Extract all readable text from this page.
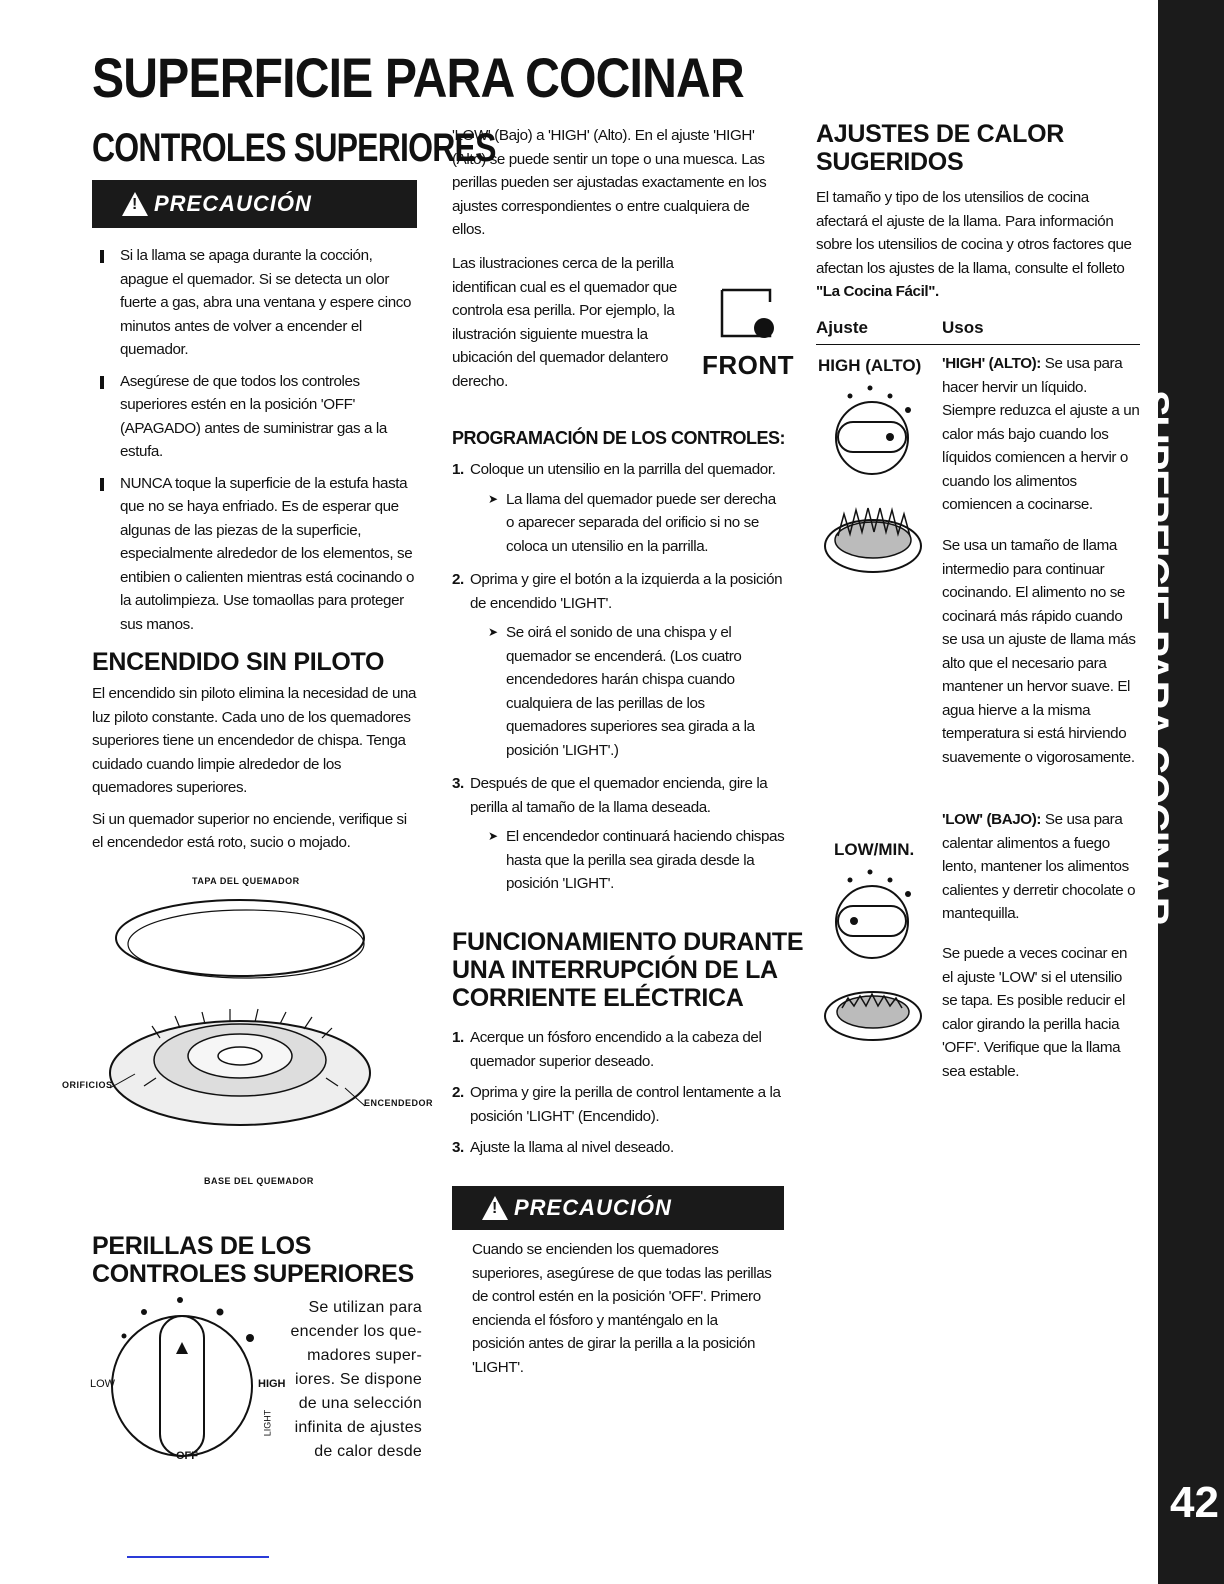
SUPERFICIE PARA COCINAR
CONTROLES SUPERIORES
SUPERFICIE PARA COCINAR
42
!
PRECAUCIÓN
Si la llama se apaga durante la cocción, apague el quemador. Si se detecta un olor fuerte a gas, abra una ventana y espere cinco minutos antes de volver a encender el quemador.
Asegúrese de que todos los controles superiores estén en la posición 'OFF' (APAGADO) antes de suministrar gas a la estufa.
NUNCA toque la superficie de la estufa hasta que no se haya enfriado. Es de esperar que algunas de las piezas de la superficie, especialmente alrededor de los elementos, se entibien o calienten mientras está cocinando o la autolimpieza. Use tomaollas para proteger sus manos.
ENCENDIDO SIN PILOTO

El encendido sin piloto elimina la necesidad de una luz piloto constante. Cada uno de los quemadores superiores tiene un encendedor de chispa. Tenga cuidado cuando limpie alrededor de los quemadores superiores.

Si un quemador superior no enciende, verifique si el encendedor está roto, sucio o mojado.

TAPA DEL QUEMADOR
ORIFICIOS
ENCENDEDOR
BASE DEL QUEMADOR
PERILLAS DE LOS
CONTROLES SUPERIORES
LOW	HIGH
OFF
LIGHT
Se utilizan para
encender los que-
madores super-
iores. Se dispone
de una selección
infinita de ajustes
de calor desde
'LOW' (Bajo) a 'HIGH' (Alto). En el ajuste 'HIGH' (Alto) se puede sentir un tope o una muesca. Las perillas pueden ser ajustadas exactamente en los ajustes correspondientes o entre cualquiera de ellos.
Las ilustraciones cerca de la perilla identifican cual es el quemador que controla esa perilla. Por ejemplo, la ilustración siguiente muestra la ubicación del quemador delantero derecho.
FRONT
PROGRAMACIÓN DE LOS CONTROLES:
1. Coloque un utensilio en la parrilla del quemador.
➤ La llama del quemador puede ser derecha o aparecer separada del orificio si no se coloca un utensilio en la parrilla.
2. Oprima y gire el botón a la izquierda a la posición de encendido 'LIGHT'.
➤ Se oirá el sonido de una chispa y el quemador se encenderá. (Los cuatro encendedores harán chispa cuando cualquiera de las perillas de los quemadores superiores sea girada a la posición 'LIGHT'.)
3. Después de que el quemador encienda, gire la perilla al tamaño de la llama deseada.
➤ El encendedor continuará haciendo chispas hasta que la perilla sea girada desde la posición 'LIGHT'.
FUNCIONAMIENTO DURANTE
UNA INTERRUPCIÓN DE LA
CORRIENTE ELÉCTRICA
1. Acerque un fósforo encendido a la cabeza del quemador superior deseado.
2. Oprima y gire la perilla de control lentamente a la posición 'LIGHT' (Encendido).
3. Ajuste la llama al nivel deseado.
!
PRECAUCIÓN
Cuando se encienden los quemadores superiores, asegúrese de que todas las perillas de control estén en la posición 'OFF'. Primero encienda el fósforo y manténgalo en la posición antes de girar la perilla a la posición 'LIGHT'.
AJUSTES DE CALOR
SUGERIDOS
El tamaño y tipo de los utensilios de cocina afectará el ajuste de la llama. Para información sobre los utensilios de cocina y otros factores que afectan los ajustes de la llama, consulte el folleto "La Cocina Fácil".
Ajuste	Usos
HIGH (ALTO) 'HIGH' (ALTO): Se usa para hacer hervir un líquido. Siempre reduzca el ajuste a un calor más bajo cuando los líquidos comiencen a hervir o cuando los alimentos comiencen a cocinarse.
Se usa un tamaño de llama intermedio para continuar cocinando. El alimento no se cocinará más rápido cuando se usa un ajuste de llama más alto que el necesario para mantener un hervor suave. El agua hierve a la misma temperatura si está hirviendo suavemente o vigorosamente.
LOW/MIN.
'LOW' (BAJO): Se usa para calentar alimentos a fuego lento, mantener los alimentos calientes y derretir chocolate o mantequilla.
Se puede a veces cocinar en el ajuste 'LOW' si el utensilio se tapa. Es posible reducir el calor girando la perilla hacia 'OFF'. Verifique que la llama sea estable.
